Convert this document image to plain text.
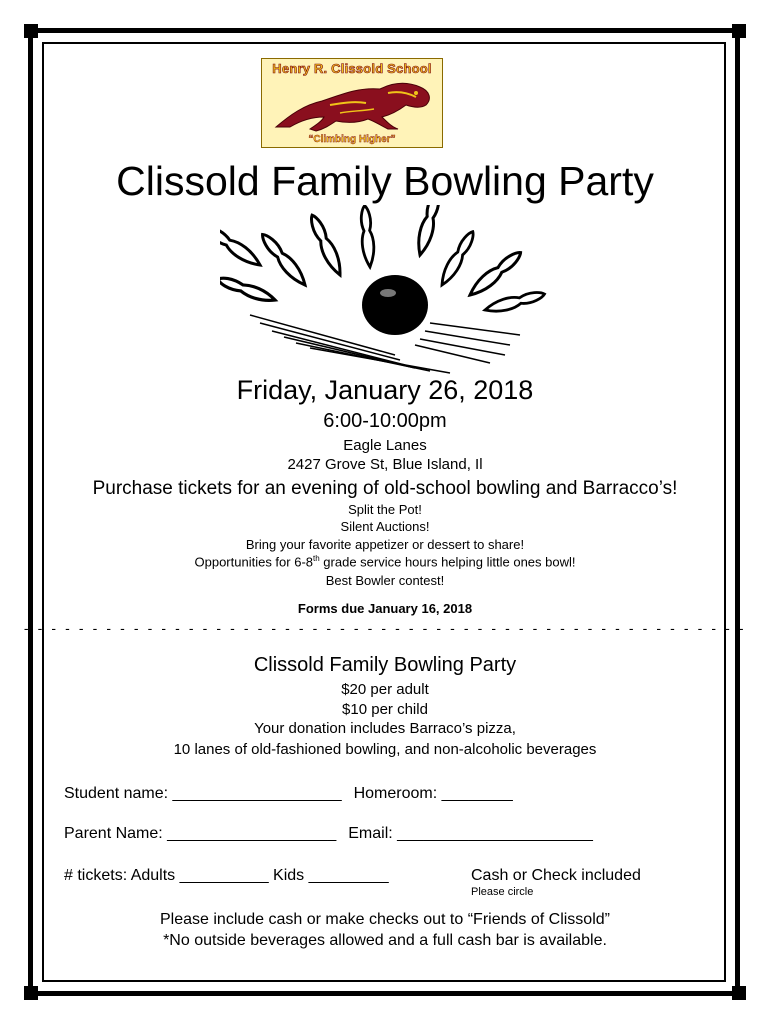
Henry R. Clissold School
“Climbing Higher”
Clissold Family Bowling Party
Friday, January 26, 2018
6:00-10:00pm
Eagle Lanes
2427 Grove St, Blue Island, Il
Purchase tickets for an evening of old-school bowling and Barracco’s!
Split the Pot!
Silent Auctions!
Bring your favorite appetizer or dessert to share!
Opportunities for 6-8th grade service hours helping little ones bowl!
Best Bowler contest!
Forms due January 16, 2018
- - - - - - - - - - - - - - - - - - - - - - - - - - - - - - - - - - - - - - - - - - - - - - - - - - - - -
Clissold Family Bowling Party
$20 per adult
$10 per child
Your donation includes Barraco’s pizza,
10 lanes of old-fashioned bowling, and non-alcoholic beverages
Student name: ___________________ Homeroom: ________
Parent Name: ___________________ Email: ______________________
# tickets: Adults __________ Kids _________	Cash or Check included
Please circle
Please include cash or make checks out to “Friends of Clissold”
*No outside beverages allowed and a full cash bar is available.
